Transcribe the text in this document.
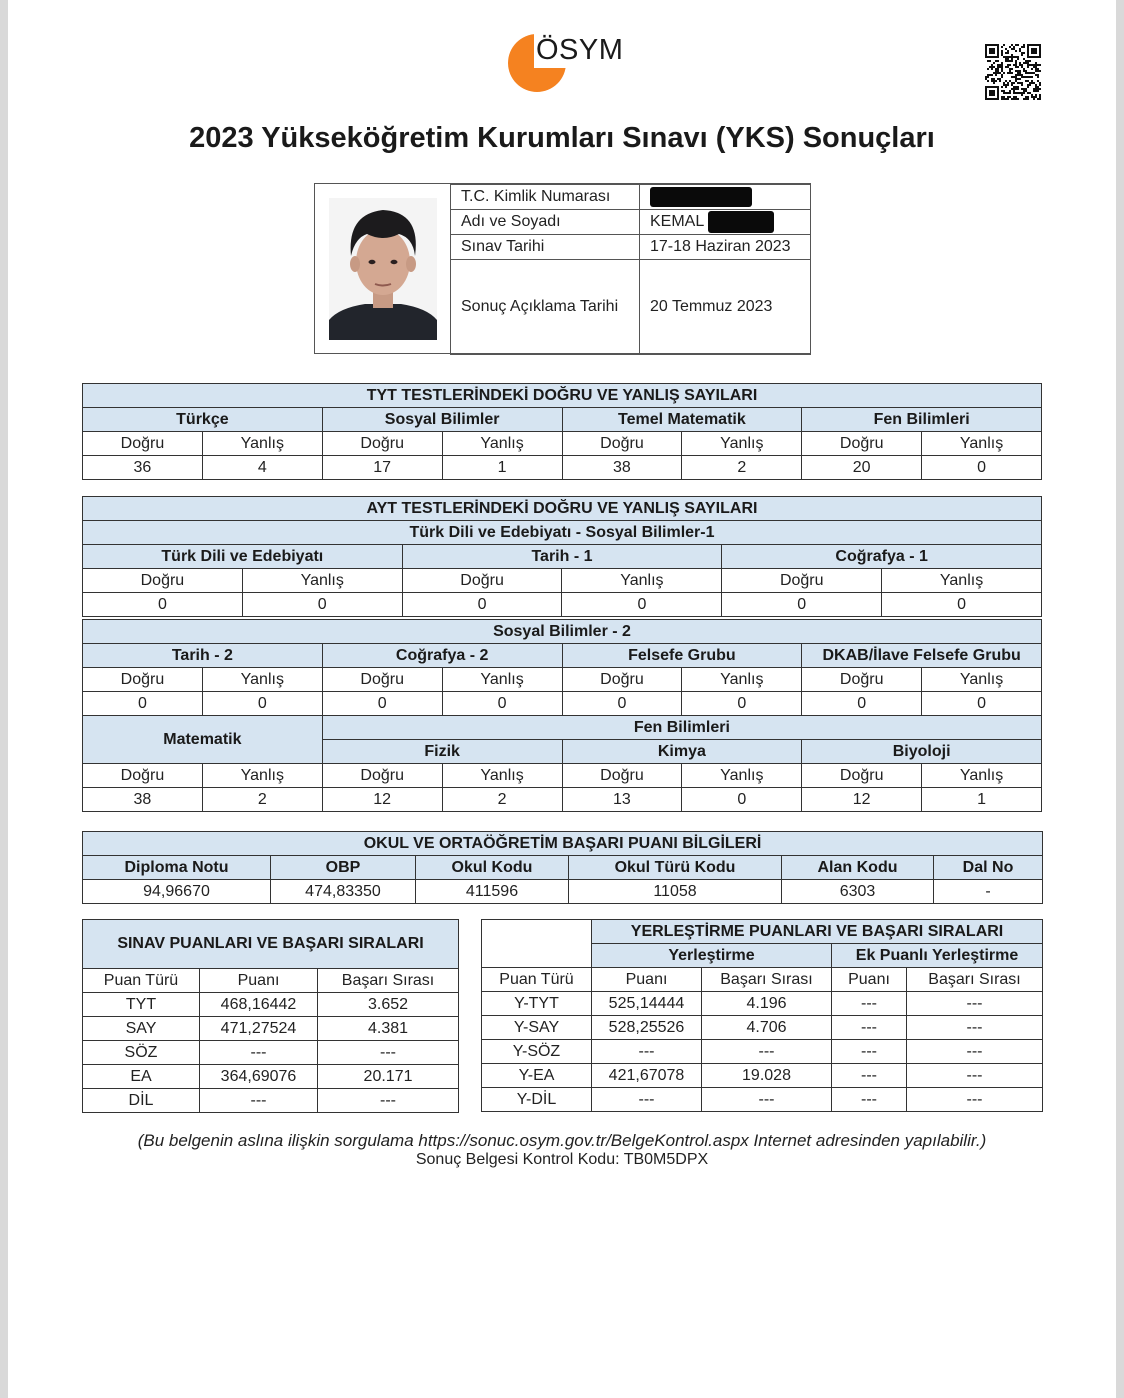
ÖSYM
2023 Yükseköğretim Kurumları Sınavı (YKS) Sonuçları
T.C. Kimlik Numarası	
Adı ve Soyadı	KEMAL
Sınav Tarihi	17-18 Haziran 2023
Sonuç Açıklama Tarihi	20 Temmuz 2023
TYT TESTLERİNDEKİ DOĞRU VE YANLIŞ SAYILARI							
Türkçe		Sosyal Bilimler		Temel Matematik		Fen Bilimleri	
Doğru	Yanlış	Doğru	Yanlış	Doğru	Yanlış	Doğru	Yanlış
36	4	17	1	38	2	20	0
AYT TESTLERİNDEKİ DOĞRU VE YANLIŞ SAYILARI					
Türk Dili ve Edebiyatı - Sosyal Bilimler-1					
Türk Dili ve Edebiyatı		Tarih - 1		Coğrafya - 1	
Doğru	Yanlış	Doğru	Yanlış	Doğru	Yanlış
0	0	0	0	0	0
Sosyal Bilimler - 2							
Tarih - 2		Coğrafya - 2		Felsefe Grubu		DKAB/İlave Felsefe Grubu	
Doğru	Yanlış	Doğru	Yanlış	Doğru	Yanlış	Doğru	Yanlış
0	0	0	0	0	0	0	0
Matematik		Fen Bilimleri					
		Fizik		Kimya		Biyoloji	
Doğru	Yanlış	Doğru	Yanlış	Doğru	Yanlış	Doğru	Yanlış
38	2	12	2	13	0	12	1
OKUL VE ORTAÖĞRETİM BAŞARI PUANI BİLGİLERİ					
Diploma Notu	OBP	Okul Kodu	Okul Türü Kodu	Alan Kodu	Dal No
94,96670	474,83350	411596	11058	6303	-
SINAV PUANLARI VE BAŞARI SIRALARI		
Puan Türü	Puanı	Başarı Sırası
TYT	468,16442	3.652
SAY	471,27524	4.381
SÖZ	---	---
EA	364,69076	20.171
DİL	---	---
	YERLEŞTİRME PUANLARI VE BAŞARI SIRALARI			
	Yerleştirme		Ek Puanlı Yerleştirme	
Puan Türü	Puanı	Başarı Sırası	Puanı	Başarı Sırası
Y-TYT	525,14444	4.196	---	---
Y-SAY	528,25526	4.706	---	---
Y-SÖZ	---	---	---	---
Y-EA	421,67078	19.028	---	---
Y-DİL	---	---	---	---
(Bu belgenin aslına ilişkin sorgulama https://sonuc.osym.gov.tr/BelgeKontrol.aspx Internet adresinden yapılabilir.)
Sonuç Belgesi Kontrol Kodu: TB0M5DPX
